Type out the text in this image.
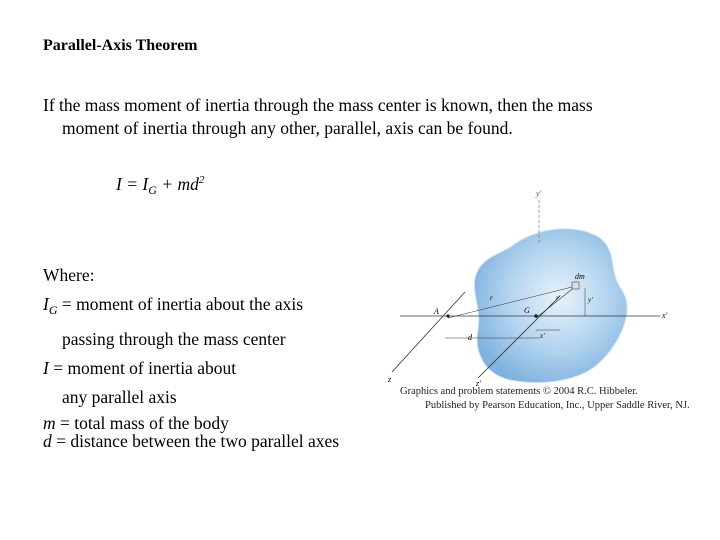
Parallel-Axis Theorem
If the mass moment of inertia through the mass center is known, then the mass
moment of inertia through any other, parallel, axis can be found.
$I = I_G + md^2$
Where:
$I_G$ = moment of inertia about the axis
passing through the mass center
I = moment of inertia about
any parallel axis
m = total mass of the body
d = distance between the two parallel axes
y'
x'
z	z'
d
r	r'	y'
x'
dm
A	G
Graphics and problem statements © 2004 R.C. Hibbeler.
Published by Pearson Education, Inc., Upper Saddle River, NJ.
